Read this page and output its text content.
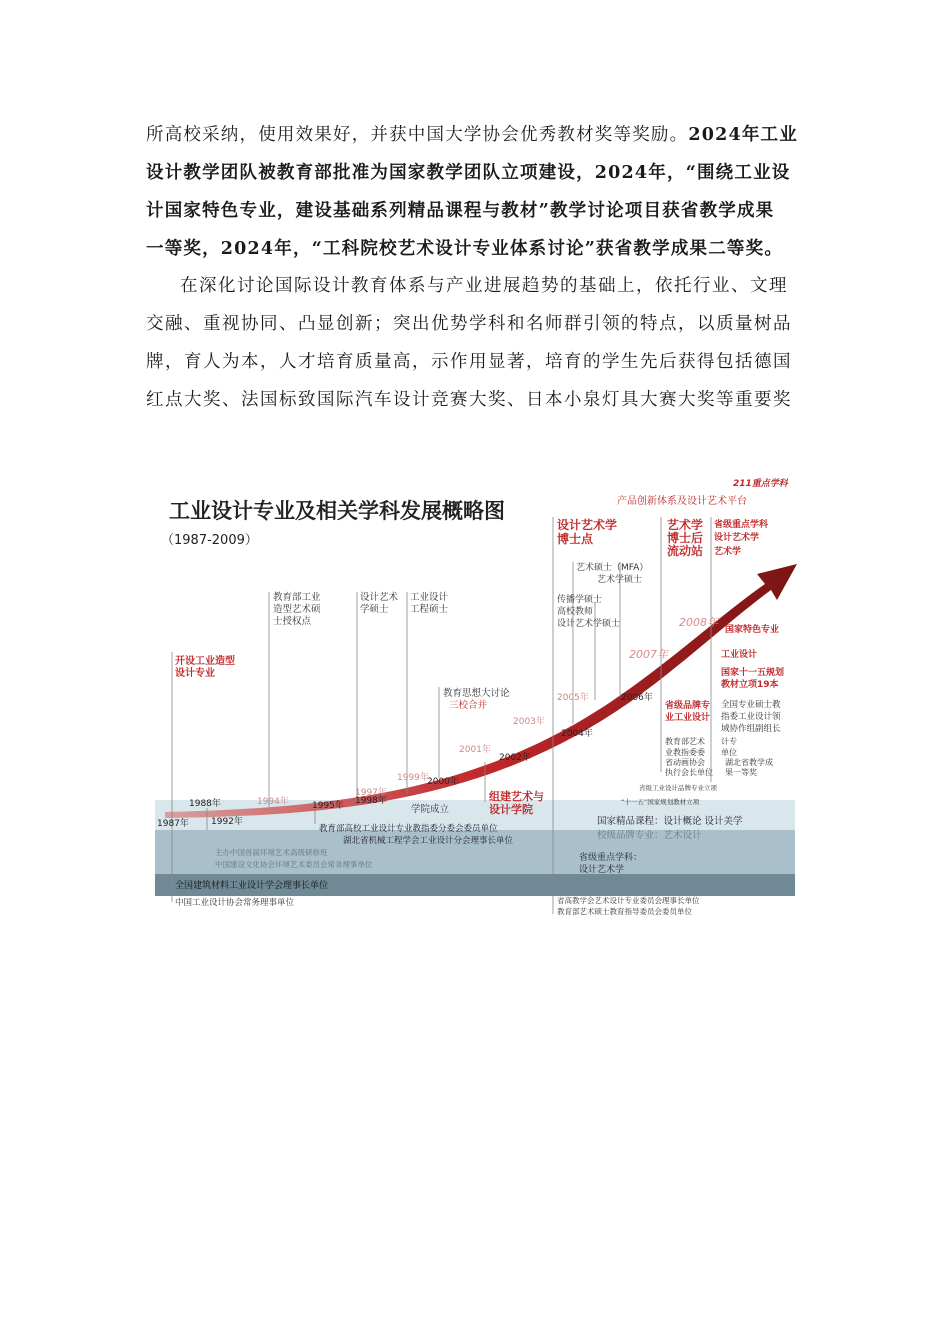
所高校采纳，使用效果好，并获中国大学协会优秀教材奖等奖励。2024年工业
设计教学团队被教育部批准为国家教学团队立项建设，2024年，“围绕工业设
计国家特色专业，建设基础系列精品课程与教材”教学讨论项目获省教学成果
一等奖，2024年，“工科院校艺术设计专业体系讨论”获省教学成果二等奖。
在深化讨论国际设计教育体系与产业进展趋势的基础上，依托行业、文理
交融、重视协同、凸显创新；突出优势学科和名师群引领的特点，以质量树品
牌，育人为本，人才培育质量高，示作用显著，培育的学生先后获得包括德国
红点大奖、法国标致国际汽车设计竞赛大奖、日本小泉灯具大赛大奖等重要奖
工业设计专业及相关学科发展概略图
（1987-2009）
1987年
1988年
1992年
1994年	1995年
1997年
1998年
1999年
2000年
2001年
2002年
2003年
2004年
2005年	2006年
2007年
2008年
开设工业造型
设计专业
组建艺术与
设计学院
设计艺术学
博士点
艺术学
博士后
流动站
省级重点学科
设计艺术学
艺术学
211重点学科
产品创新体系及设计艺术平台
国家特色专业
工业设计
国家十一五规划
教材立项19本
省级品牌专
业工业设计
教育部工业
造型艺术硕
士授权点
设计艺术
学硕士
工业设计
工程硕士
教育思想大讨论
三校合并
学院成立
艺术硕士（MFA）
艺术学硕士
传播学硕士
高校教师
设计艺术学硕士
全国专业硕士教
指委工业设计领
域协作组副组长
教育部艺术
业教指委委
计专
单位
省动画协会
执行会长单位
湖北省教学成
果一等奖
省级工业设计品牌专业立项
“十一五”国家规划教材立项
教育部高校工业设计专业教指委分委会委员单位
湖北省机械工程学会工业设计分会理事长单位
国家精品课程：设计概论 设计美学
校级品牌专业：艺术设计
主办中国首届环境艺术高级研修班
中国建设文化协会环境艺术委员会常务理事单位
省级重点学科：
设计艺术学
全国建筑材料工业设计学会理事长单位
中国工业设计协会常务理事单位	省高教学会艺术设计专业委员会理事长单位
教育部艺术硕士教育指导委员会委员单位
